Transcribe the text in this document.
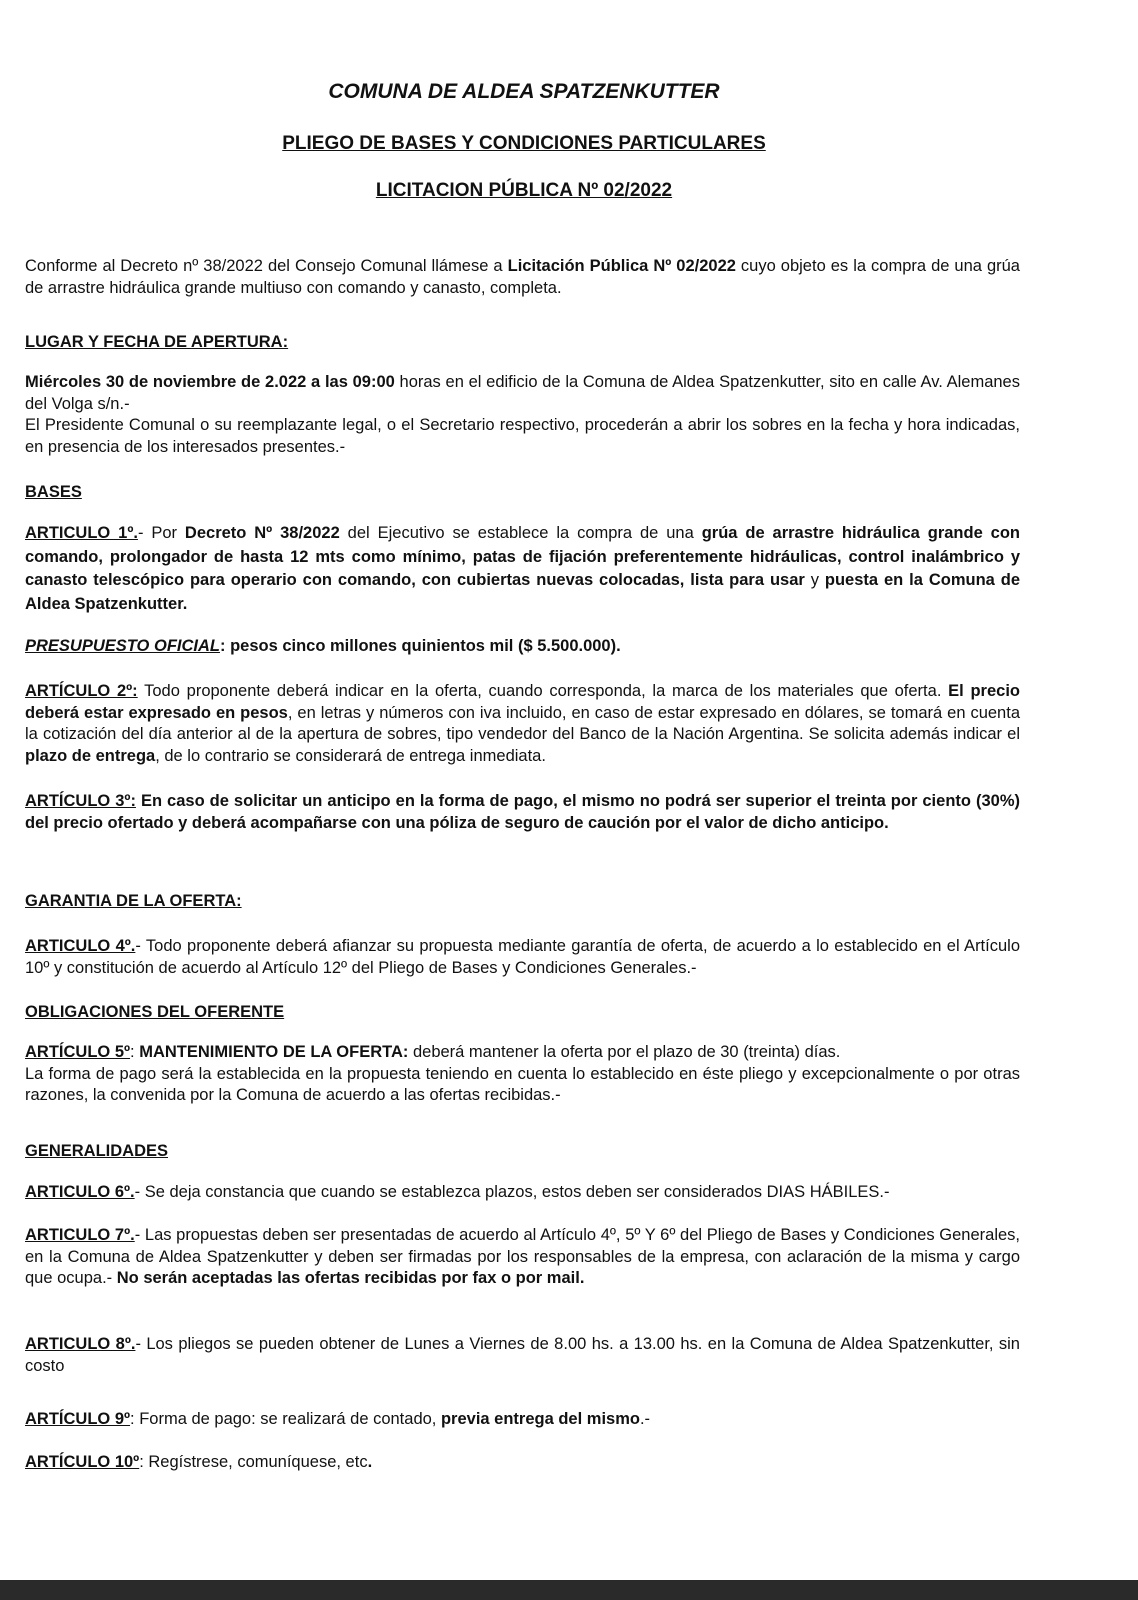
COMUNA DE ALDEA SPATZENKUTTER
PLIEGO DE BASES Y CONDICIONES PARTICULARES
LICITACION PÚBLICA Nº 02/2022
Conforme al Decreto nº 38/2022 del Consejo Comunal llámese a Licitación Pública Nº 02/2022 cuyo objeto es la compra de una grúa de arrastre hidráulica grande multiuso con comando y canasto, completa.
LUGAR Y FECHA DE APERTURA:
Miércoles 30 de noviembre de 2.022 a las 09:00 horas en el edificio de la Comuna de Aldea Spatzenkutter, sito en calle Av. Alemanes del Volga s/n.-
El Presidente Comunal o su reemplazante legal, o el Secretario respectivo, procederán a abrir los sobres en la fecha y hora indicadas, en presencia de los interesados presentes.-
BASES
ARTICULO 1º.- Por Decreto Nº 38/2022 del Ejecutivo se establece la compra de una grúa de arrastre hidráulica grande con comando, prolongador de hasta 12 mts como mínimo, patas de fijación preferentemente hidráulicas, control inalámbrico y canasto telescópico para operario con comando, con cubiertas nuevas colocadas, lista para usar y puesta en la Comuna de Aldea Spatzenkutter.
PRESUPUESTO OFICIAL: pesos cinco millones quinientos mil ($ 5.500.000).
ARTÍCULO 2º: Todo proponente deberá indicar en la oferta, cuando corresponda, la marca de los materiales que oferta. El precio deberá estar expresado en pesos, en letras y números con iva incluido, en caso de estar expresado en dólares, se tomará en cuenta la cotización del día anterior al de la apertura de sobres, tipo vendedor del Banco de la Nación Argentina. Se solicita además indicar el plazo de entrega, de lo contrario se considerará de entrega inmediata.
ARTÍCULO 3º: En caso de solicitar un anticipo en la forma de pago, el mismo no podrá ser superior el treinta por ciento (30%) del precio ofertado y deberá acompañarse con una póliza de seguro de caución por el valor de dicho anticipo.
GARANTIA DE LA OFERTA:
ARTICULO 4º.- Todo proponente deberá afianzar su propuesta mediante garantía de oferta, de acuerdo a lo establecido en el Artículo 10º y constitución de acuerdo al Artículo 12º del Pliego de Bases y Condiciones Generales.-
OBLIGACIONES DEL OFERENTE
ARTÍCULO 5º: MANTENIMIENTO DE LA OFERTA: deberá mantener la oferta por el plazo de 30 (treinta) días.
La forma de pago será la establecida en la propuesta teniendo en cuenta lo establecido en éste pliego y excepcionalmente o por otras razones, la convenida por la Comuna de acuerdo a las ofertas recibidas.-
GENERALIDADES
ARTICULO 6º.- Se deja constancia que cuando se establezca plazos, estos deben ser considerados DIAS HÁBILES.-
ARTICULO 7º.- Las propuestas deben ser presentadas de acuerdo al Artículo 4º, 5º Y 6º del Pliego de Bases y Condiciones Generales, en la Comuna de Aldea Spatzenkutter y deben ser firmadas por los responsables de la empresa, con aclaración de la misma y cargo que ocupa.- No serán aceptadas las ofertas recibidas por fax o por mail.
ARTICULO 8º.- Los pliegos se pueden obtener de Lunes a Viernes de 8.00 hs. a 13.00 hs. en la Comuna de Aldea Spatzenkutter, sin costo
ARTÍCULO 9º: Forma de pago: se realizará de contado, previa entrega del mismo.-
ARTÍCULO 10º: Regístrese, comuníquese, etc.
